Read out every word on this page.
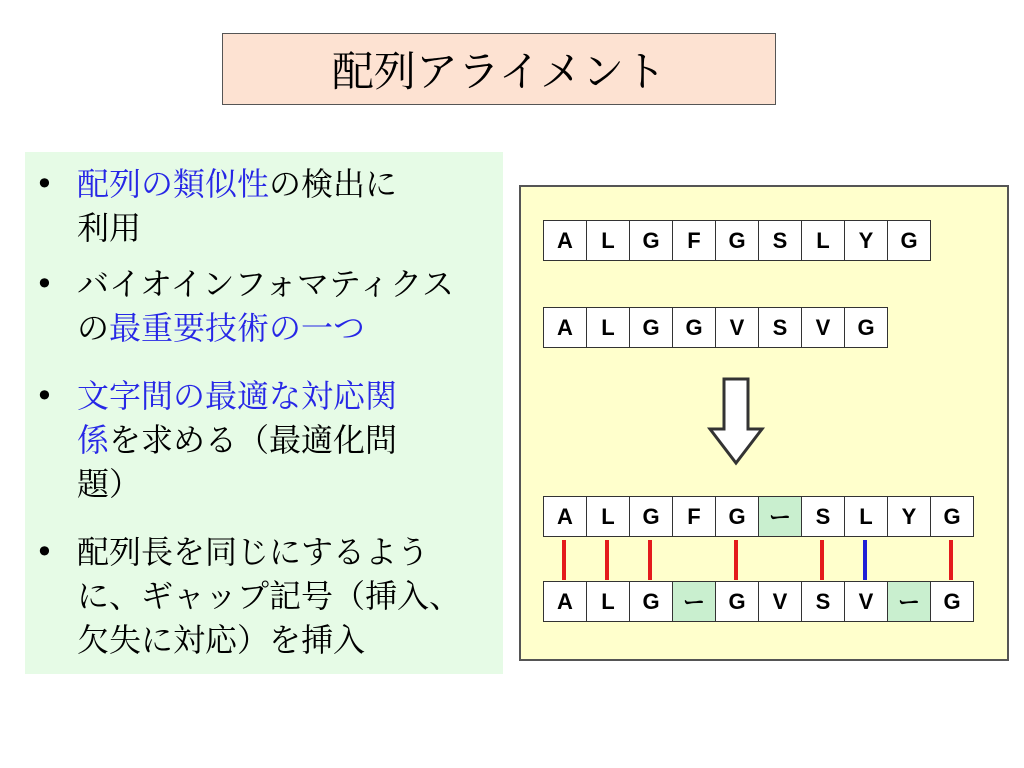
配列アライメント
• 配列の類似性の検出に
利用
• バイオインフォマティクス
の最重要技術の一つ
• 文字間の最適な対応関
係を求める（最適化問
題）
• 配列長を同じにするよう
に、ギャップ記号（挿入、
欠失に対応）を挿入
A	L	G	F	G	S	L	Y	G
A	L	G	G	V	S	V	G
A	L	G	F	G	ー	S	L	Y	G
A	L	G	ー	G	V	S	V	ー	G
